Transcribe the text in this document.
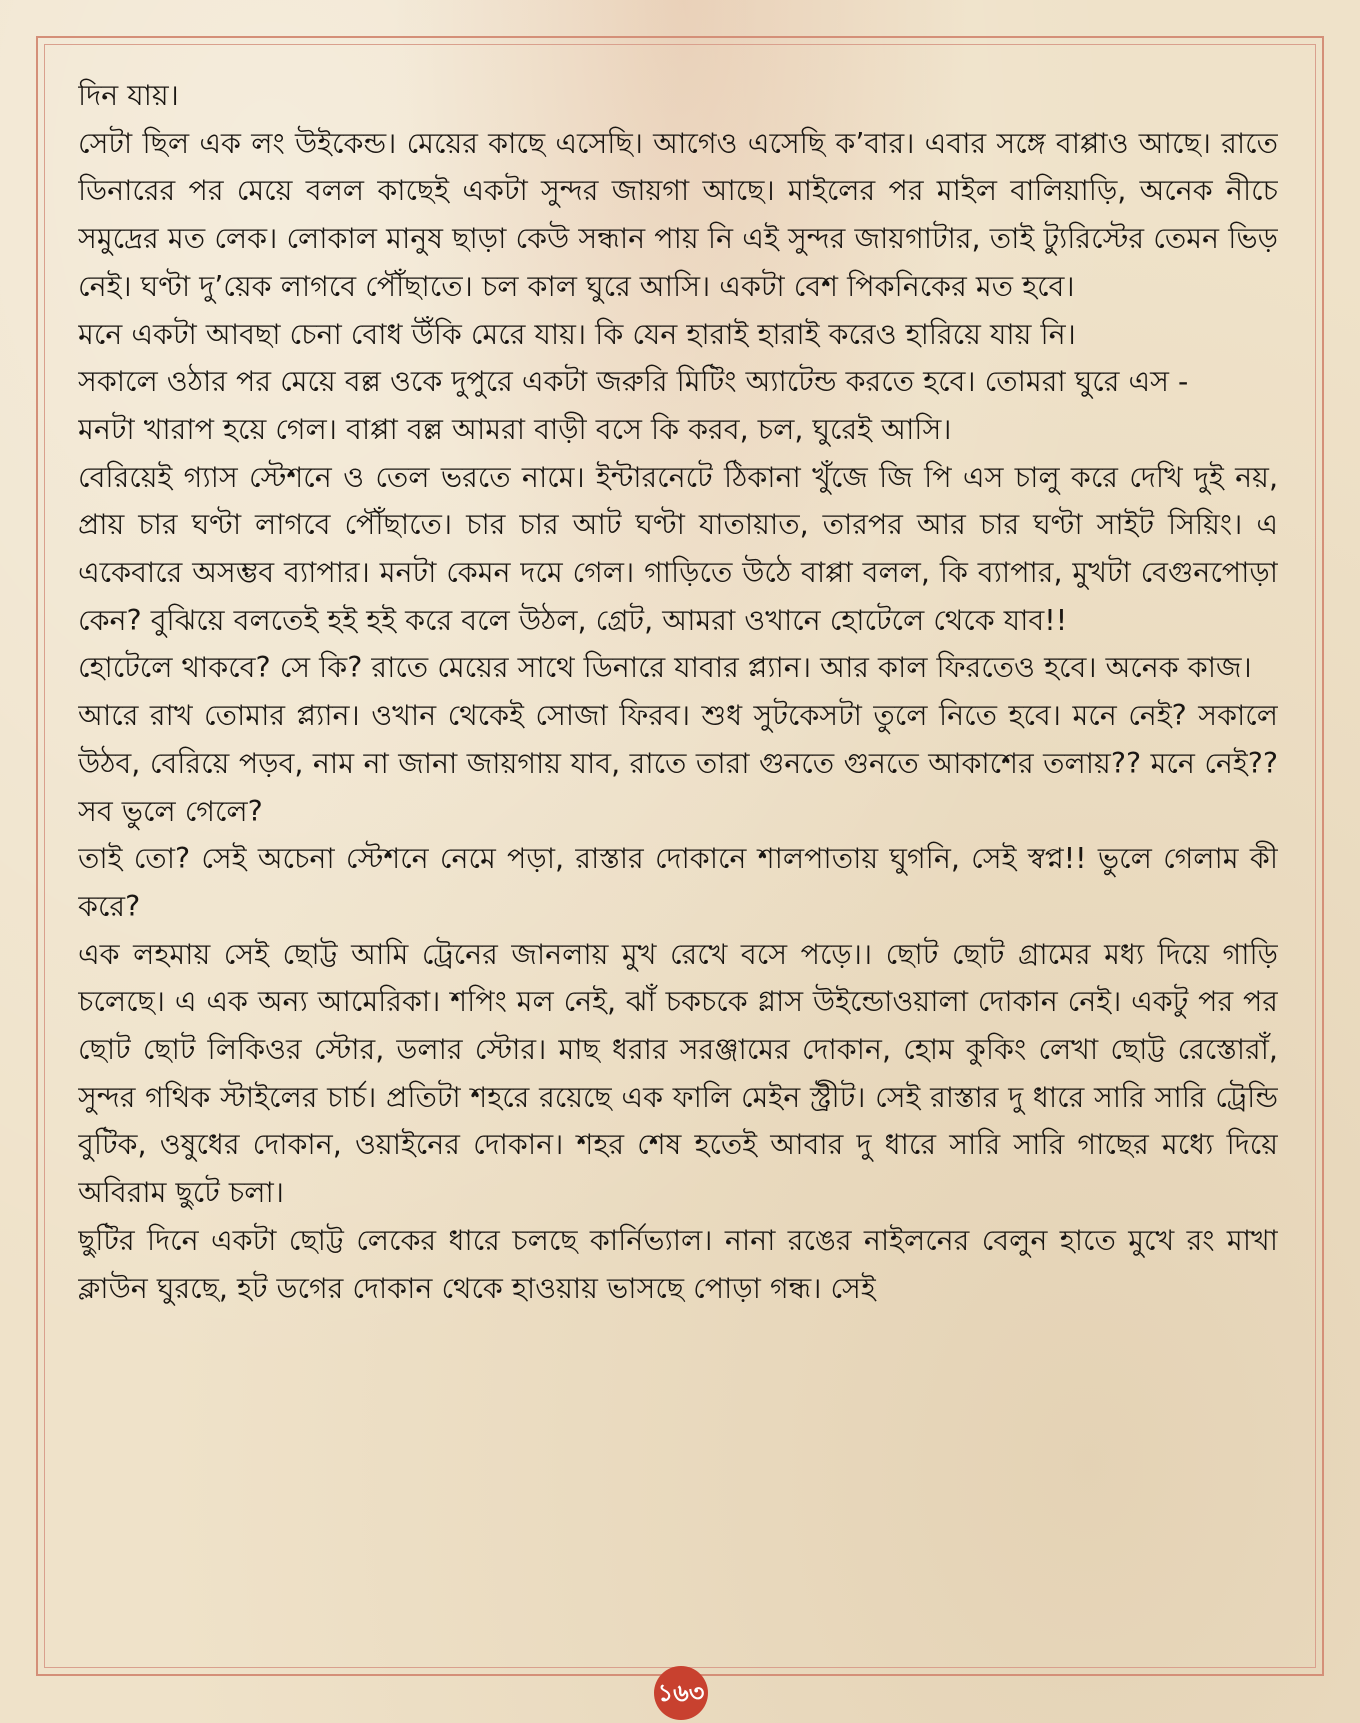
দিন যায়।

সেটা ছিল এক লং উইকেন্ড। মেয়ের কাছে এসেছি। আগেও এসেছি ক’বার। এবার সঙ্গে বাপ্পাও আছে। রাতে ডিনারের পর মেয়ে বলল কাছেই একটা সুন্দর জায়গা আছে। মাইলের পর মাইল বালিয়াড়ি, অনেক নীচে সমুদ্রের মত লেক। লোকাল মানুষ ছাড়া কেউ সন্ধান পায় নি এই সুন্দর জায়গাটার, তাই ট্যুরিস্টের তেমন ভিড় নেই। ঘণ্টা দু’য়েক লাগবে পৌঁছাতে। চল কাল ঘুরে আসি। একটা বেশ পিকনিকের মত হবে।

মনে একটা আবছা চেনা বোধ উঁকি মেরে যায়। কি যেন হারাই হারাই করেও হারিয়ে যায় নি।

সকালে ওঠার পর মেয়ে বল্ল ওকে দুপুরে একটা জরুরি মিটিং অ্যাটেন্ড করতে হবে। তোমরা ঘুরে এস -

মনটা খারাপ হয়ে গেল। বাপ্পা বল্ল আমরা বাড়ী বসে কি করব, চল, ঘুরেই আসি।

বেরিয়েই গ্যাস স্টেশনে ও তেল ভরতে নামে। ইন্টারনেটে ঠিকানা খুঁজে জি পি এস চালু করে দেখি দুই নয়, প্রায় চার ঘণ্টা লাগবে পৌঁছাতে। চার চার আট ঘণ্টা যাতায়াত, তারপর আর চার ঘণ্টা সাইট সিয়িং। এ একেবারে অসম্ভব ব্যাপার। মনটা কেমন দমে গেল। গাড়িতে উঠে বাপ্পা বলল, কি ব্যাপার, মুখটা বেগুনপোড়া কেন? বুঝিয়ে বলতেই হই হই করে বলে উঠল, গ্রেট, আমরা ওখানে হোটেলে থেকে যাব!!

হোটেলে থাকবে? সে কি? রাতে মেয়ের সাথে ডিনারে যাবার প্ল্যান। আর কাল ফিরতেও হবে। অনেক কাজ।

আরে রাখ তোমার প্ল্যান। ওখান থেকেই সোজা ফিরব। শুধ সুটকেসটা তুলে নিতে হবে। মনে নেই? সকালে উঠব, বেরিয়ে পড়ব, নাম না জানা জায়গায় যাব, রাতে তারা গুনতে গুনতে আকাশের তলায়?? মনে নেই?? সব ভুলে গেলে?

তাই তো? সেই অচেনা স্টেশনে নেমে পড়া, রাস্তার দোকানে শালপাতায় ঘুগনি, সেই স্বপ্ন!! ভুলে গেলাম কী করে?

এক লহমায় সেই ছোট্ট আমি ট্রেনের জানলায় মুখ রেখে বসে পড়ে।। ছোট ছোট গ্রামের মধ্য দিয়ে গাড়ি চলেছে। এ এক অন্য আমেরিকা। শপিং মল নেই, ঝাঁ চকচকে গ্লাস উইন্ডোওয়ালা দোকান নেই। একটু পর পর ছোট ছোট লিকিওর স্টোর, ডলার স্টোর। মাছ ধরার সরঞ্জামের দোকান, হোম কুকিং লেখা ছোট্ট রেস্তোরাঁ, সুন্দর গথিক স্টাইলের চার্চ। প্রতিটা শহরে রয়েছে এক ফালি মেইন স্ট্রীট। সেই রাস্তার দু ধারে সারি সারি ট্রেন্ডি বুটিক, ওষুধের দোকান, ওয়াইনের দোকান। শহর শেষ হতেই আবার দু ধারে সারি সারি গাছের মধ্যে দিয়ে অবিরাম ছুটে চলা।

ছুটির দিনে একটা ছোট্ট লেকের ধারে চলছে কার্নিভ্যাল। নানা রঙের নাইলনের বেলুন হাতে মুখে রং মাখা ক্লাউন ঘুরছে, হট ডগের দোকান থেকে হাওয়ায় ভাসছে পোড়া গন্ধ। সেই

১৬৩
